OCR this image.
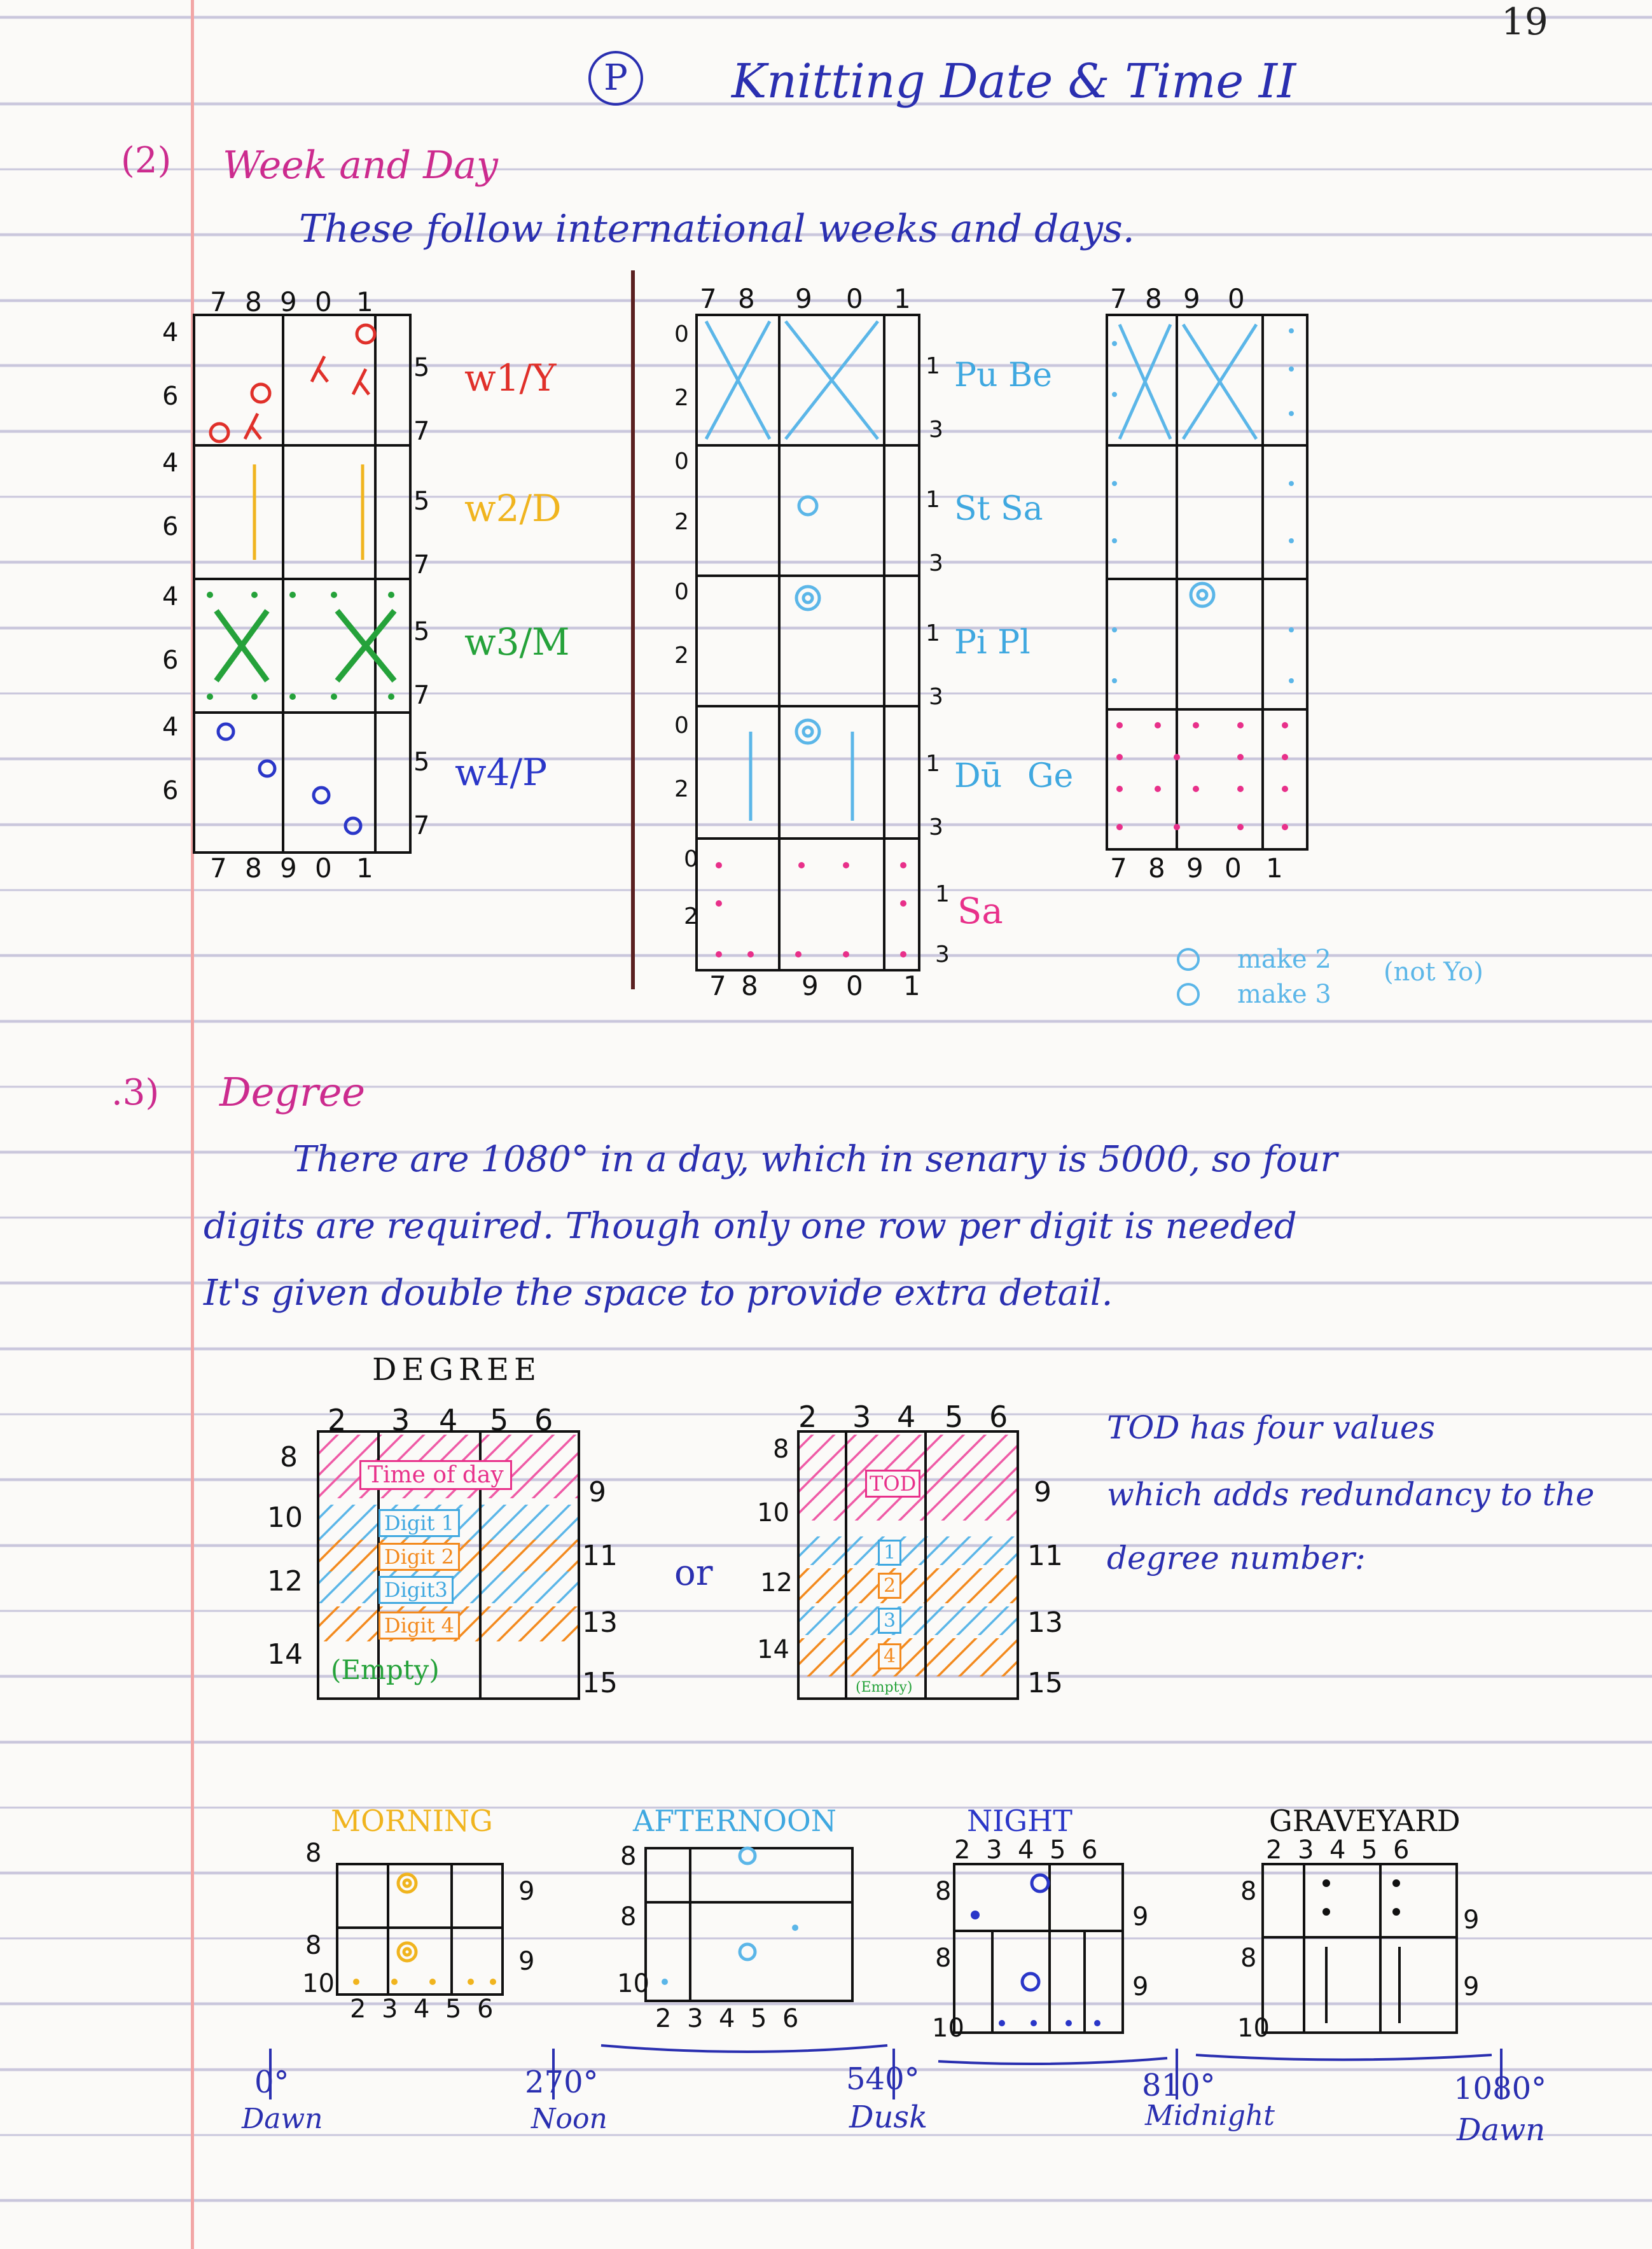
19
P	Knitting Date & Time II
(2) Week and Day
These follow international weeks and days.
7 8 9 0 1
7 8 9 0 1
4
6
4
6
4
6
4
6
5
7
5
7
5
7
5
7
w1/Y
w2/D
w3/M
w4/P
7 8 9 0 1
7 8 9 0 1
0
2
0
2
0
2
0
2
0
2
1
3
1
3
1
3
1
3
1
3
Pu Be
St Sa
Pi Pl
Dū Ge
Sa
7 8 9 0
7 8 9 0 1
make 2
make 3
(not Yo)
.3) Degree
There are 1080° in a day, which in senary is 5000, so four
digits are required. Though only one row per digit is needed
It's given double the space to provide extra detail.
DEGREE
2 3 4 5 6
8
10
12
14
9
11
13
15
Time of day
Digit 1
Digit 2
Digit3
Digit 4
(Empty)
or
2 3 4 5 6
8
10
12
14
9
11
13
15
TOD
1
2
3
4
(Empty)
TOD has four values
which adds redundancy to the
degree number:
MORNING	AFTERNOON	NIGHT	GRAVEYARD
8
9
8
9
10
8
8
10
8
9
8
9
10
8
9
8
9
10
2 3 4 5 6	2 3 4 5 6
2 3 4 5 6	2 3 4 5 6
0°
Dawn
270°
Noon
540°
Dusk
810°
Midnight
1080°
Dawn
